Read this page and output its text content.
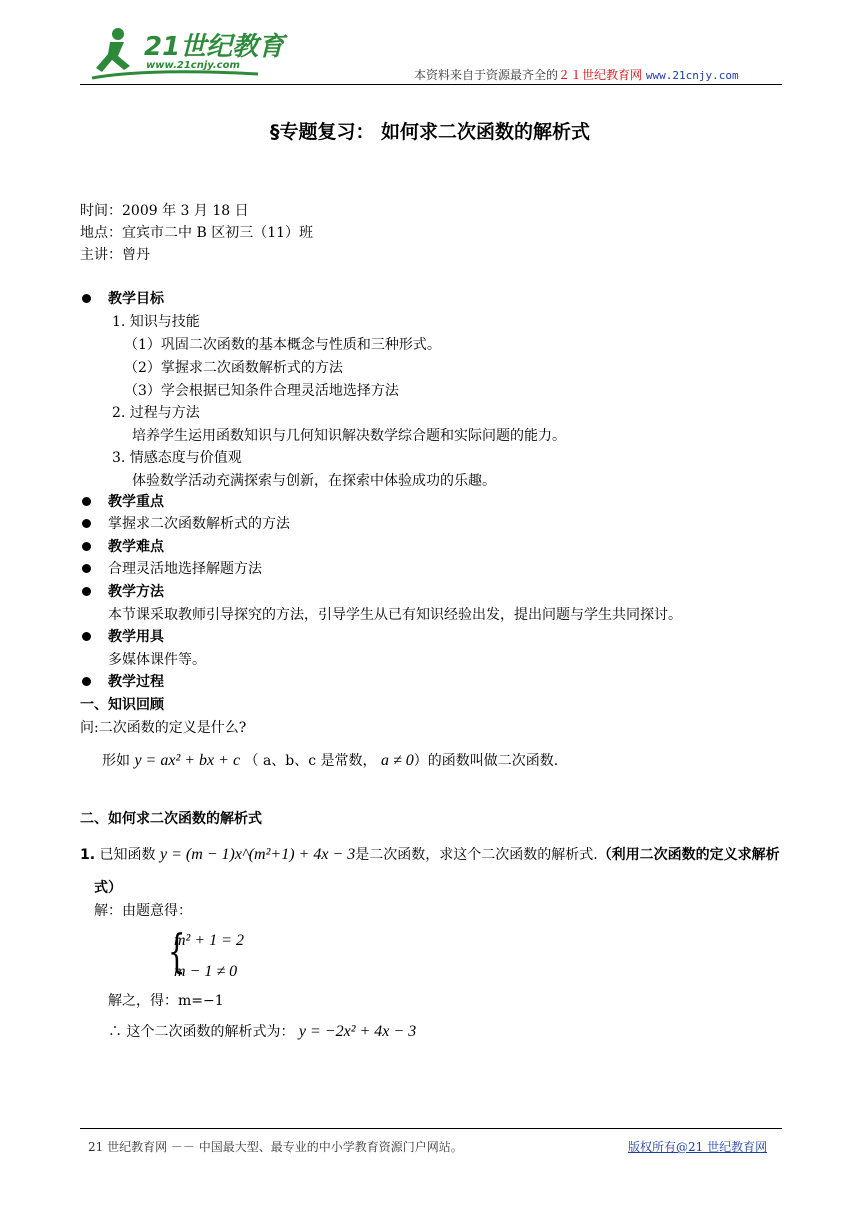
21世纪教育
www.21cnjy.com
本资料来自于资源最齐全的２１世纪教育网 www.21cnjy.com
§专题复习： 如何求二次函数的解析式
时间：2009 年 3 月 18 日
地点：宜宾市二中 B 区初三（11）班
主讲：曾丹
教学目标
1. 知识与技能
（1）巩固二次函数的基本概念与性质和三种形式。
（2）掌握求二次函数解析式的方法
（3）学会根据已知条件合理灵活地选择方法
2. 过程与方法
培养学生运用函数知识与几何知识解决数学综合题和实际问题的能力。
3. 情感态度与价值观
体验数学活动充满探索与创新，在探索中体验成功的乐趣。
教学重点
掌握求二次函数解析式的方法
教学难点
合理灵活地选择解题方法
教学方法
本节课采取教师引导探究的方法，引导学生从已有知识经验出发，提出问题与学生共同探讨。
教学用具
多媒体课件等。
教学过程
一、知识回顾
问:二次函数的定义是什么?
形如 y = ax² + bx + c （ a、b、c 是常数， a ≠ 0）的函数叫做二次函数.
二、如何求二次函数的解析式
1. 已知函数 y = (m − 1)x^(m²+1) + 4x − 3是二次函数，求这个二次函数的解析式.（利用二次函数的定义求解析
式）
解：由题意得：
{
m² + 1 = 2
m − 1 ≠ 0
解之，得：m=−1
∴ 这个二次函数的解析式为： y = −2x² + 4x − 3
21 世纪教育网 －－ 中国最大型、最专业的中小学教育资源门户网站。	版权所有@21 世纪教育网
